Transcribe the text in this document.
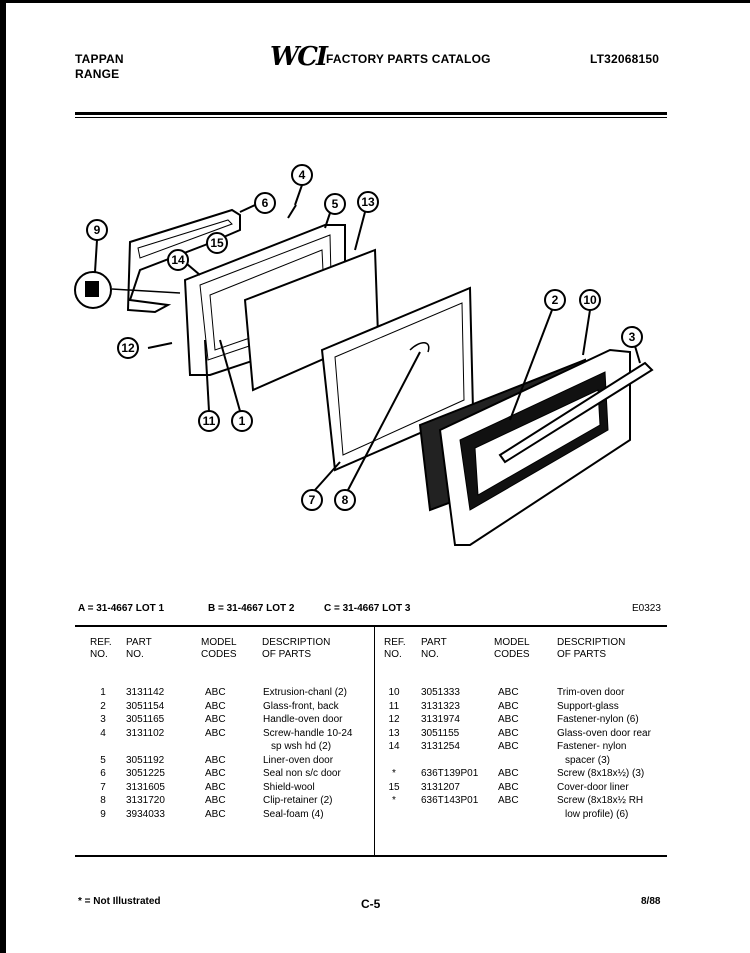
TAPPAN
RANGE
WCI FACTORY PARTS CATALOG	LT32068150
4
6	5 13
9
15
14
12
11 1
2 10
3
7 8
A = 31-4667 LOT 1	B = 31-4667 LOT 2	C = 31-4667 LOT 3	E0323
REF.
NO.
PART
NO.
MODEL
CODES
DESCRIPTION
OF PARTS
REF.
NO.
PART
NO.
MODEL
CODES
DESCRIPTION
OF PARTS
1	3131142	ABC	Extrusion-chanl (2)
2	3051154	ABC	Glass-front, back
3	3051165	ABC	Handle-oven door
4	3131102	ABC	Screw-handle 10-24
sp wsh hd (2)
5	3051192	ABC	Liner-oven door
6	3051225	ABC	Seal non s/c door
7	3131605	ABC	Shield-wool
8	3131720	ABC	Clip-retainer (2)
9	3934033	ABC	Seal-foam (4)
10	3051333	ABC	Trim-oven door
11	3131323	ABC	Support-glass
12	3131974	ABC	Fastener-nylon (6)
13	3051155	ABC	Glass-oven door rear
14	3131254	ABC	Fastener- nylon
spacer (3)
*	636T139P01 ABC	Screw (8x18x½) (3)
15	3131207	ABC	Cover-door liner
*	636T143P01 ABC	Screw (8x18x½ RH
low profile) (6)
* = Not Illustrated	C-5	8/88
